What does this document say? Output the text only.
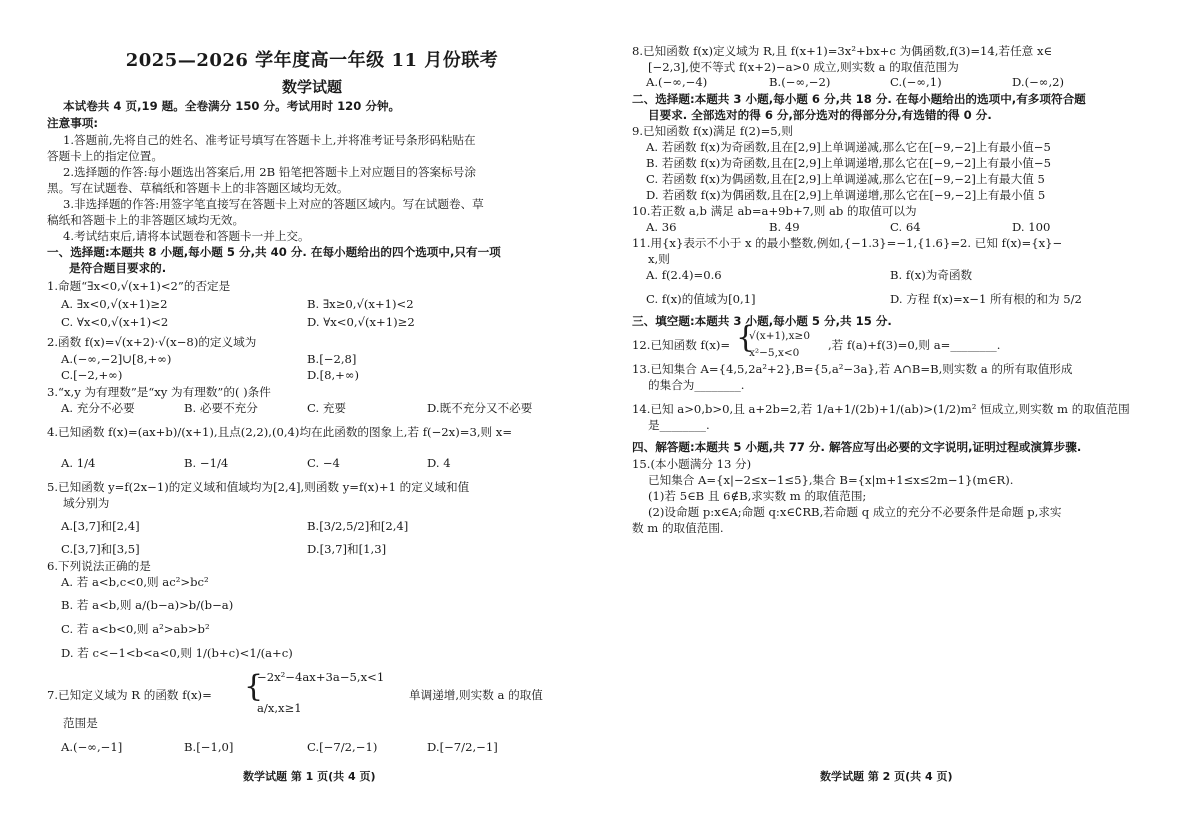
2025—2026 学年度高一年级 11 月份联考
数学试题
本试卷共 4 页,19 题。全卷满分 150 分。考试用时 120 分钟。
注意事项:
1.答题前,先将自己的姓名、准考证号填写在答题卡上,并将准考证号条形码粘贴在
答题卡上的指定位置。
2.选择题的作答:每小题选出答案后,用 2B 铅笔把答题卡上对应题目的答案标号涂
黑。写在试题卷、草稿纸和答题卡上的非答题区域均无效。
3.非选择题的作答:用签字笔直接写在答题卡上对应的答题区域内。写在试题卷、草
稿纸和答题卡上的非答题区域均无效。
4.考试结束后,请将本试题卷和答题卡一并上交。
一、选择题:本题共 8 小题,每小题 5 分,共 40 分. 在每小题给出的四个选项中,只有一项
是符合题目要求的.
1.命题“∃x<0,√(x+1)<2”的否定是
A. ∃x<0,√(x+1)≥2	B. ∃x≥0,√(x+1)<2
C. ∀x<0,√(x+1)<2	D. ∀x<0,√(x+1)≥2
2.函数 f(x)=√(x+2)·√(x−8)的定义域为
A.(−∞,−2]∪[8,+∞)	B.[−2,8]
C.[−2,+∞)	D.[8,+∞)
3.“x,y 为有理数”是“xy 为有理数”的( )条件
A. 充分不必要	B. 必要不充分	C. 充要	D.既不充分又不必要
4.已知函数 f(x)=(ax+b)/(x+1),且点(2,2),(0,4)均在此函数的图象上,若 f(−2x)=3,则 x=
A. 1/4	B. −1/4	C. −4	D. 4
5.已知函数 y=f(2x−1)的定义域和值域均为[2,4],则函数 y=f(x)+1 的定义域和值
域分别为
A.[3,7]和[2,4]	B.[3/2,5/2]和[2,4]
C.[3,7]和[3,5]	D.[3,7]和[1,3]
6.下列说法正确的是
A. 若 a<b,c<0,则 ac²>bc²
B. 若 a<b,则 a/(b−a)>b/(b−a)
C. 若 a<b<0,则 a²>ab>b²
D. 若 c<−1<b<a<0,则 1/(b+c)<1/(a+c)
7.已知定义域为 R 的函数 f(x)= {
−2x²−4ax+3a−5,x<1
a/x,x≥1
单调递增,则实数 a 的取值
范围是
A.(−∞,−1]	B.[−1,0]	C.[−7/2,−1)	D.[−7/2,−1]
数学试题 第 1 页(共 4 页)
8.已知函数 f(x)定义域为 R,且 f(x+1)=3x²+bx+c 为偶函数,f(3)=14,若任意 x∈
[−2,3],使不等式 f(x+2)−a>0 成立,则实数 a 的取值范围为
A.(−∞,−4)	B.(−∞,−2)	C.(−∞,1)	D.(−∞,2)
二、选择题:本题共 3 小题,每小题 6 分,共 18 分. 在每小题给出的选项中,有多项符合题
目要求. 全部选对的得 6 分,部分选对的得部分分,有选错的得 0 分.
9.已知函数 f(x)满足 f(2)=5,则
A. 若函数 f(x)为奇函数,且在[2,9]上单调递减,那么它在[−9,−2]上有最小值−5
B. 若函数 f(x)为奇函数,且在[2,9]上单调递增,那么它在[−9,−2]上有最小值−5
C. 若函数 f(x)为偶函数,且在[2,9]上单调递减,那么它在[−9,−2]上有最大值 5
D. 若函数 f(x)为偶函数,且在[2,9]上单调递增,那么它在[−9,−2]上有最小值 5
10.若正数 a,b 满足 ab=a+9b+7,则 ab 的取值可以为
A. 36	B. 49	C. 64	D. 100
11.用{x}表示不小于 x 的最小整数,例如,{−1.3}=−1,{1.6}=2. 已知 f(x)={x}−
x,则
A. f(2.4)=0.6	B. f(x)为奇函数
C. f(x)的值域为[0,1]	D. 方程 f(x)=x−1 所有根的和为 5/2
三、填空题:本题共 3 小题,每小题 5 分,共 15 分.
12.已知函数 f(x)= {
√(x+1),x≥0
x²−5,x<0
,若 f(a)+f(3)=0,则 a=________.
13.已知集合 A={4,5,2a²+2},B={5,a²−3a},若 A∩B=B,则实数 a 的所有取值形成
的集合为________.
14.已知 a>0,b>0,且 a+2b=2,若 1/a+1/(2b)+1/(ab)>(1/2)m² 恒成立,则实数 m 的取值范围
是________.
四、解答题:本题共 5 小题,共 77 分. 解答应写出必要的文字说明,证明过程或演算步骤.
15.(本小题满分 13 分)
已知集合 A={x|−2≤x−1≤5},集合 B={x|m+1≤x≤2m−1}(m∈R).
(1)若 5∈B 且 6∉B,求实数 m 的取值范围;
(2)设命题 p:x∈A;命题 q:x∈∁RB,若命题 q 成立的充分不必要条件是命题 p,求实
数 m 的取值范围.
数学试题 第 2 页(共 4 页)
